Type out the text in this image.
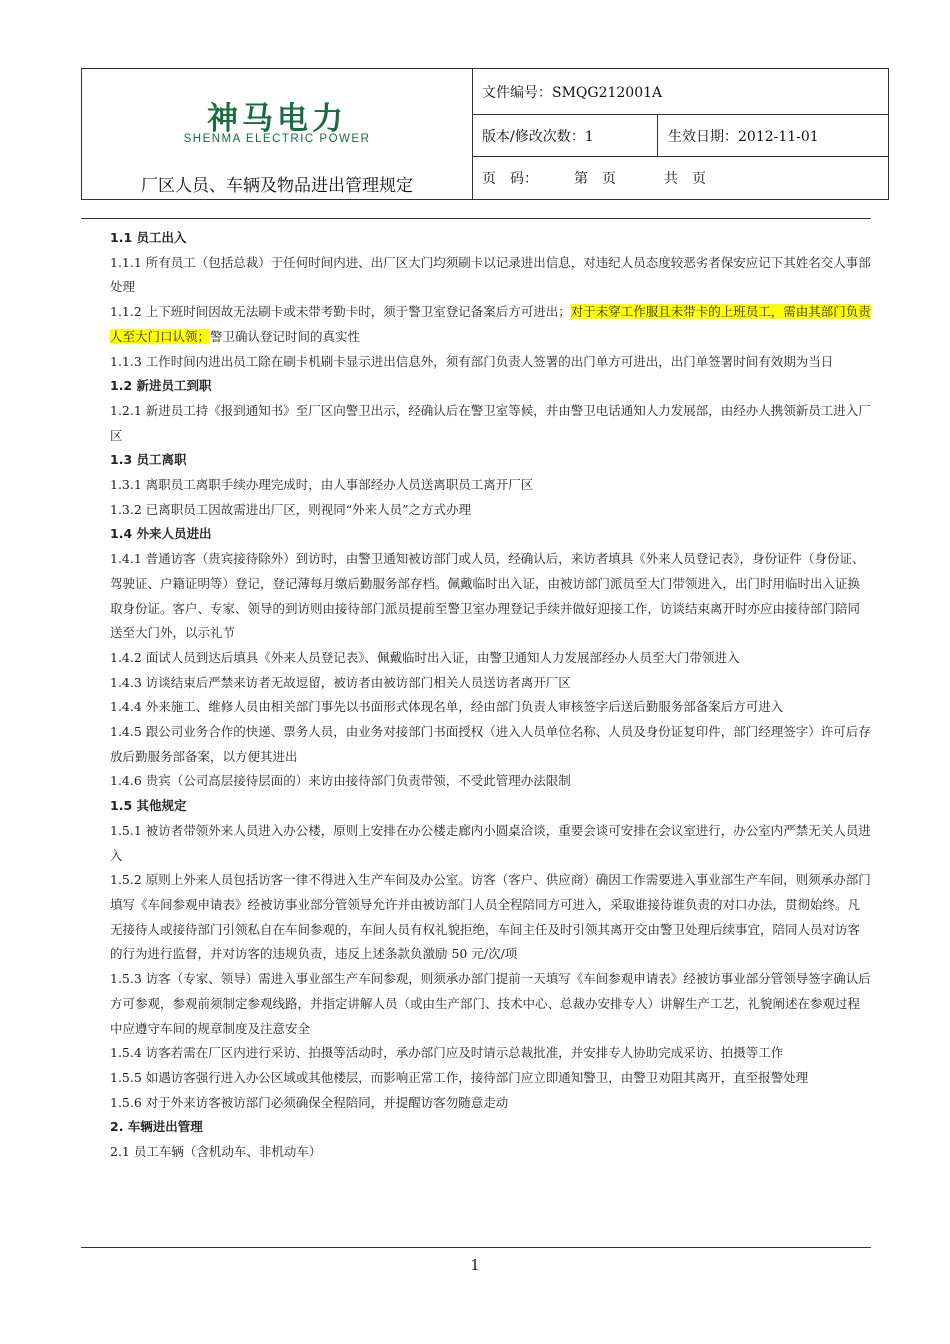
神马电力
SHENMA ELECTRIC POWER
厂区人员、车辆及物品进出管理规定
文件编号：SMQG212001A
版本/修改次数：1	生效日期：2012-11-01
页　码：	第　页	共　页

1.1 员工出入

1.1.1 所有员工（包括总裁）于任何时间内进、出厂区大门均须刷卡以记录进出信息，对违纪人员态度较恶劣者保安应记下其姓名交人事部处理

1.1.2 上下班时间因故无法刷卡或未带考勤卡时，须于警卫室登记备案后方可进出；对于未穿工作服且未带卡的上班员工，需由其部门负责人至大门口认领；警卫确认登记时间的真实性

1.1.3 工作时间内进出员工除在刷卡机刷卡显示进出信息外，须有部门负责人签署的出门单方可进出，出门单签署时间有效期为当日

1.2 新进员工到职

1.2.1 新进员工持《报到通知书》至厂区向警卫出示，经确认后在警卫室等候，并由警卫电话通知人力发展部，由经办人携领新员工进入厂区

1.3 员工离职

1.3.1 离职员工离职手续办理完成时，由人事部经办人员送离职员工离开厂区

1.3.2 已离职员工因故需进出厂区，则视同“外来人员”之方式办理

1.4 外来人员进出

1.4.1 普通访客（贵宾接待除外）到访时，由警卫通知被访部门或人员，经确认后，来访者填具《外来人员登记表》，身份证件（身份证、驾驶证、户籍证明等）登记，登记薄每月缴后勤服务部存档。佩戴临时出入证，由被访部门派员至大门带领进入，出门时用临时出入证换取身份证。客户、专家、领导的到访则由接待部门派员提前至警卫室办理登记手续并做好迎接工作，访谈结束离开时亦应由接待部门陪同送至大门外，以示礼节

1.4.2 面试人员到达后填具《外来人员登记表》、佩戴临时出入证，由警卫通知人力发展部经办人员至大门带领进入

1.4.3 访谈结束后严禁来访者无故逗留，被访者由被访部门相关人员送访者离开厂区

1.4.4 外来施工、维修人员由相关部门事先以书面形式体现名单，经由部门负责人审核签字后送后勤服务部备案后方可进入

1.4.5 跟公司业务合作的快递、票务人员，由业务对接部门书面授权（进入人员单位名称、人员及身份证复印件，部门经理签字）许可后存放后勤服务部备案，以方便其进出

1.4.6 贵宾（公司高层接待层面的）来访由接待部门负责带领，不受此管理办法限制

1.5 其他规定

1.5.1 被访者带领外来人员进入办公楼，原则上安排在办公楼走廊内小圆桌洽谈，重要会谈可安排在会议室进行，办公室内严禁无关人员进入

1.5.2 原则上外来人员包括访客一律不得进入生产车间及办公室。访客（客户、供应商）确因工作需要进入事业部生产车间，则须承办部门填写《车间参观申请表》经被访事业部分管领导允许并由被访部门人员全程陪同方可进入，采取谁接待谁负责的对口办法，贯彻始终。凡无接待人或接待部门引领私自在车间参观的，车间人员有权礼貌拒绝，车间主任及时引领其离开交由警卫处理后续事宜，陪同人员对访客的行为进行监督，并对访客的违规负责，违反上述条款负激励 50 元/次/项

1.5.3 访客（专家、领导）需进入事业部生产车间参观，则须承办部门提前一天填写《车间参观申请表》经被访事业部分管领导签字确认后方可参观，参观前须制定参观线路，并指定讲解人员（或由生产部门、技术中心、总裁办安排专人）讲解生产工艺，礼貌阐述在参观过程中应遵守车间的规章制度及注意安全

1.5.4 访客若需在厂区内进行采访、拍摄等活动时，承办部门应及时请示总裁批准，并安排专人协助完成采访、拍摄等工作

1.5.5 如遇访客强行进入办公区域或其他楼层，而影响正常工作，接待部门应立即通知警卫，由警卫劝阻其离开，直至报警处理

1.5.6 对于外来访客被访部门必须确保全程陪同，并提醒访客勿随意走动

2. 车辆进出管理

2.1 员工车辆（含机动车、非机动车）

1
